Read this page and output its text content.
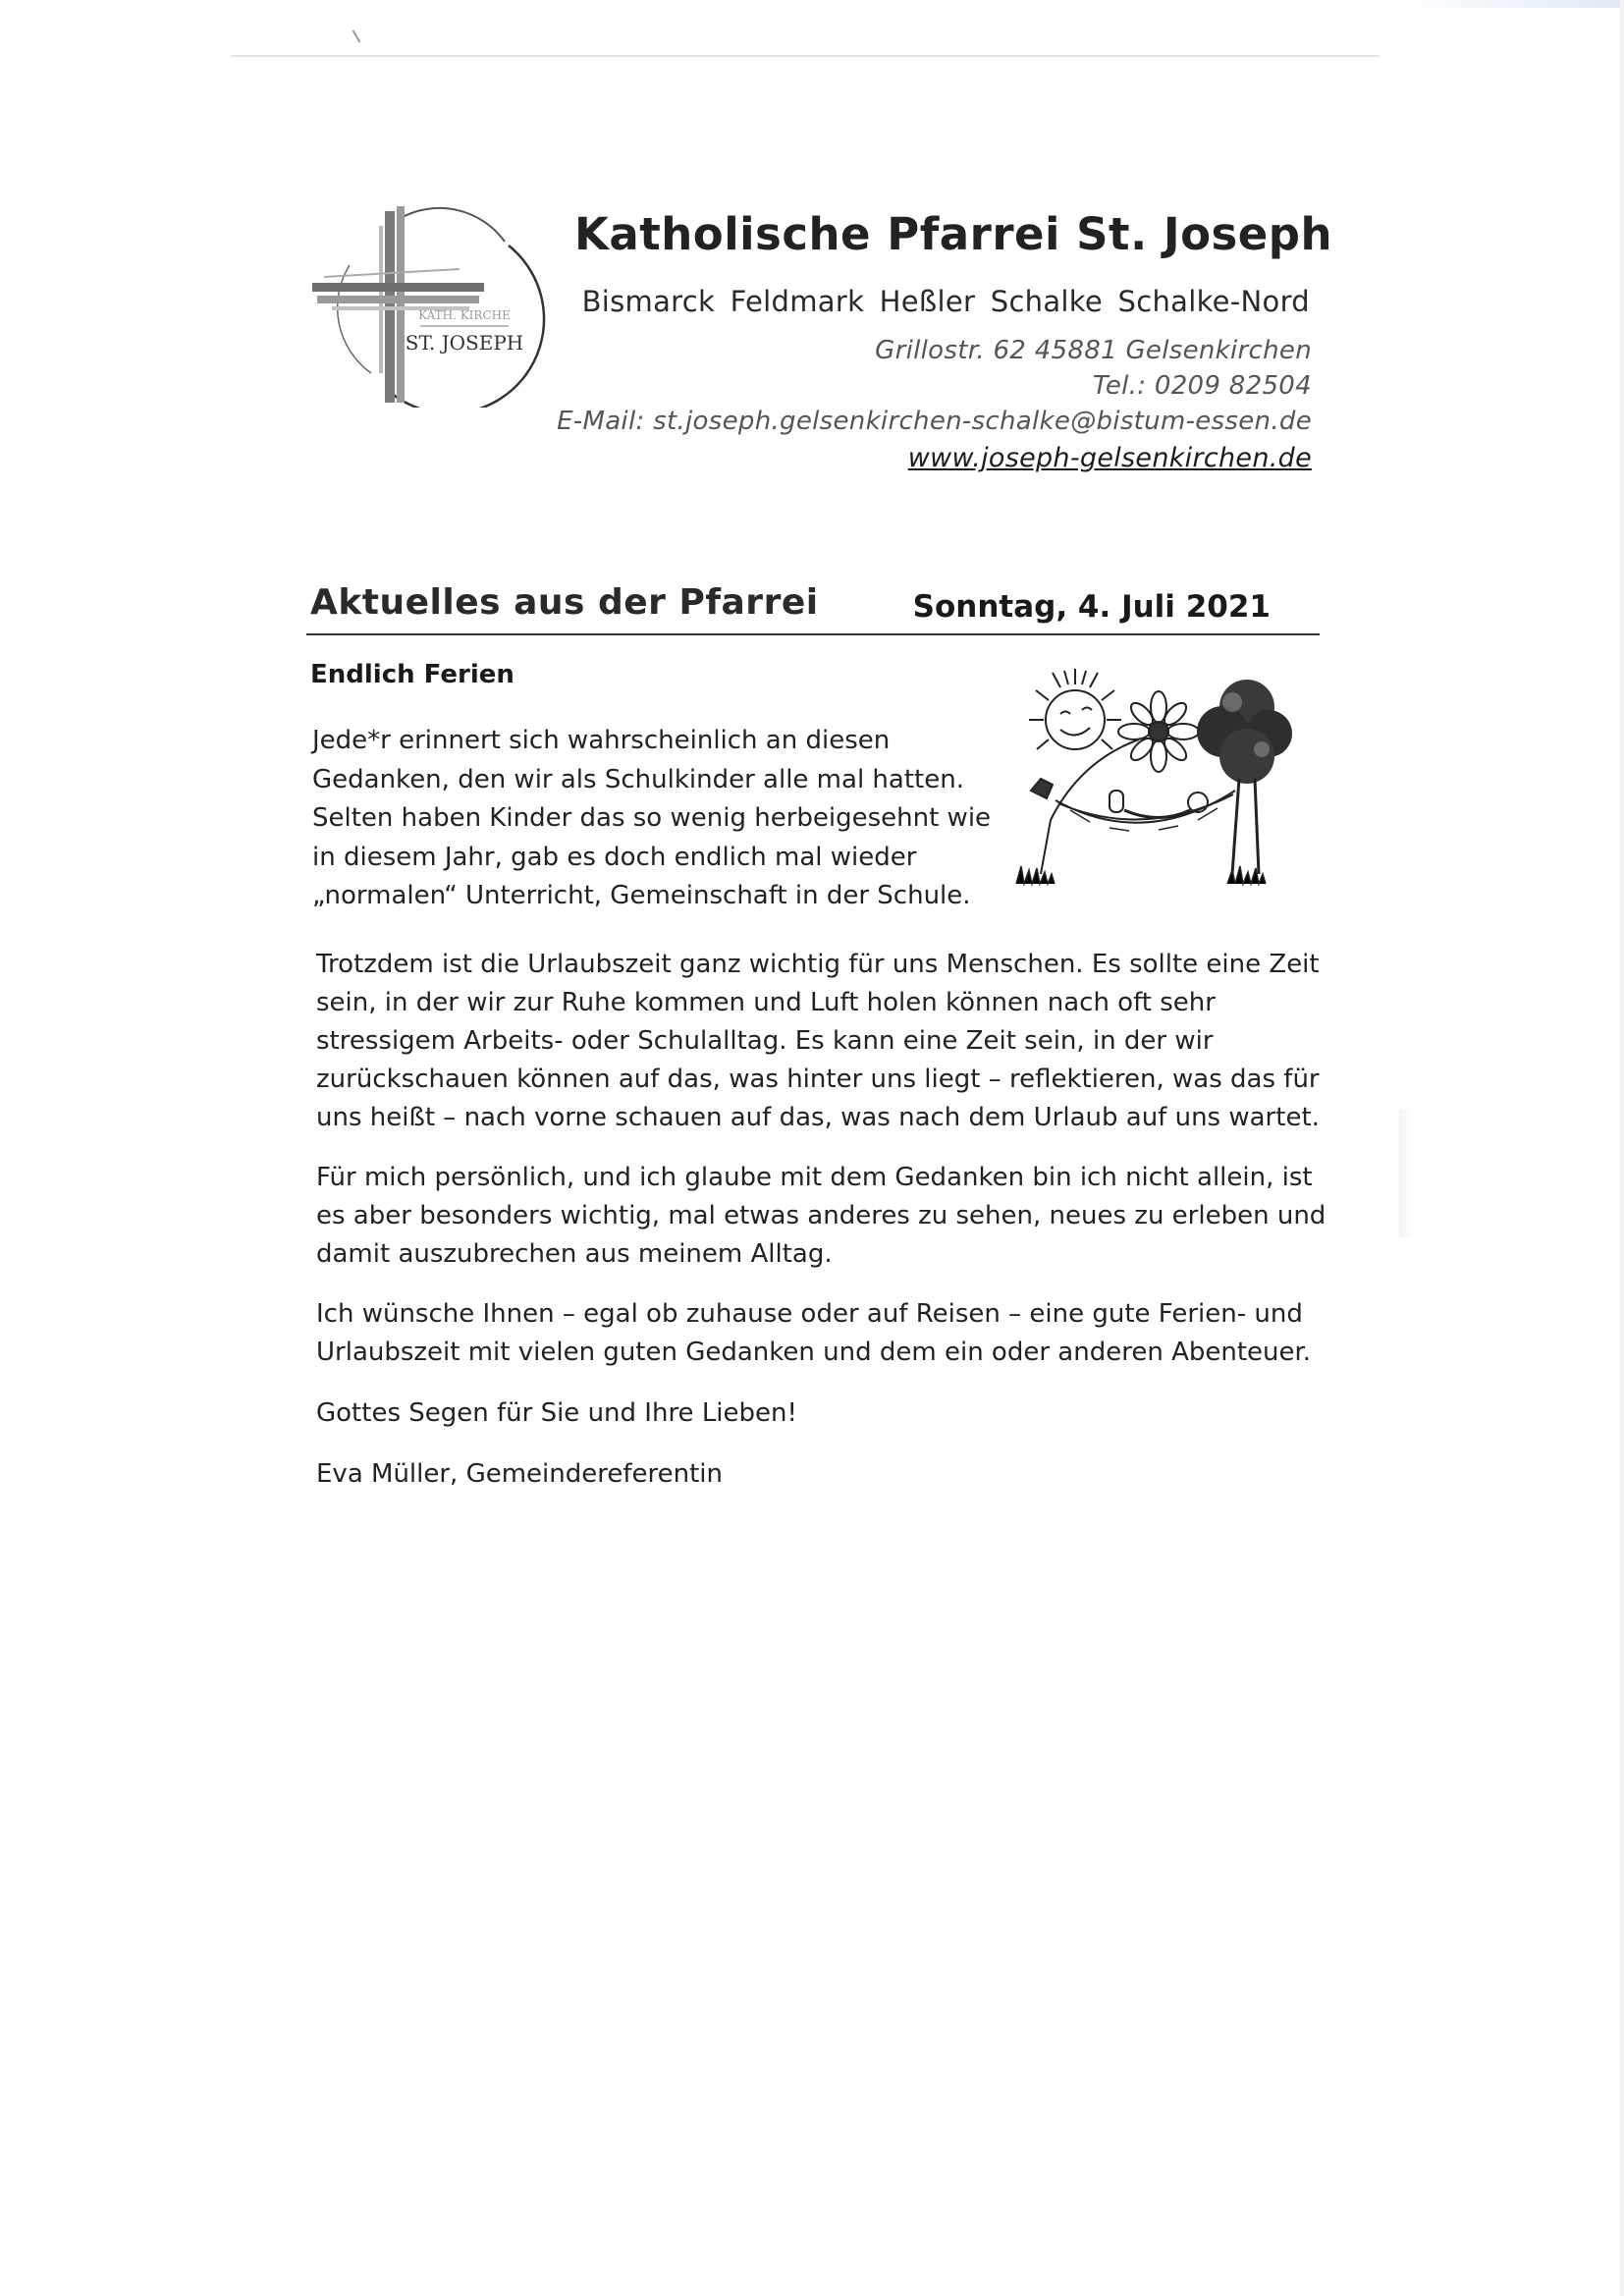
KATH. KIRCHE
ST. JOSEPH
Katholische Pfarrei St. Joseph
Bismarck Feldmark Heßler Schalke Schalke-Nord
Grillostr. 62 45881 Gelsenkirchen
Tel.: 0209 82504
E-Mail: st.joseph.gelsenkirchen-schalke@bistum-essen.de
www.joseph-gelsenkirchen.de
Aktuelles aus der Pfarrei	Sonntag, 4. Juli 2021
Endlich Ferien

Jede*r erinnert sich wahrscheinlich an diesen Gedanken, den wir als Schulkinder alle mal hatten. Selten haben Kinder das so wenig herbeigesehnt wie in diesem Jahr, gab es doch endlich mal wieder „normalen“ Unterricht, Gemeinschaft in der Schule.

Trotzdem ist die Urlaubszeit ganz wichtig für uns Menschen. Es sollte eine Zeit sein, in der wir zur Ruhe kommen und Luft holen können nach oft sehr stressigem Arbeits- oder Schulalltag. Es kann eine Zeit sein, in der wir zurückschauen können auf das, was hinter uns liegt – reflektieren, was das für uns heißt – nach vorne schauen auf das, was nach dem Urlaub auf uns wartet.

Für mich persönlich, und ich glaube mit dem Gedanken bin ich nicht allein, ist es aber besonders wichtig, mal etwas anderes zu sehen, neues zu erleben und damit auszubrechen aus meinem Alltag.

Ich wünsche Ihnen – egal ob zuhause oder auf Reisen – eine gute Ferien- und Urlaubszeit mit vielen guten Gedanken und dem ein oder anderen Abenteuer.

Gottes Segen für Sie und Ihre Lieben!

Eva Müller, Gemeindereferentin
